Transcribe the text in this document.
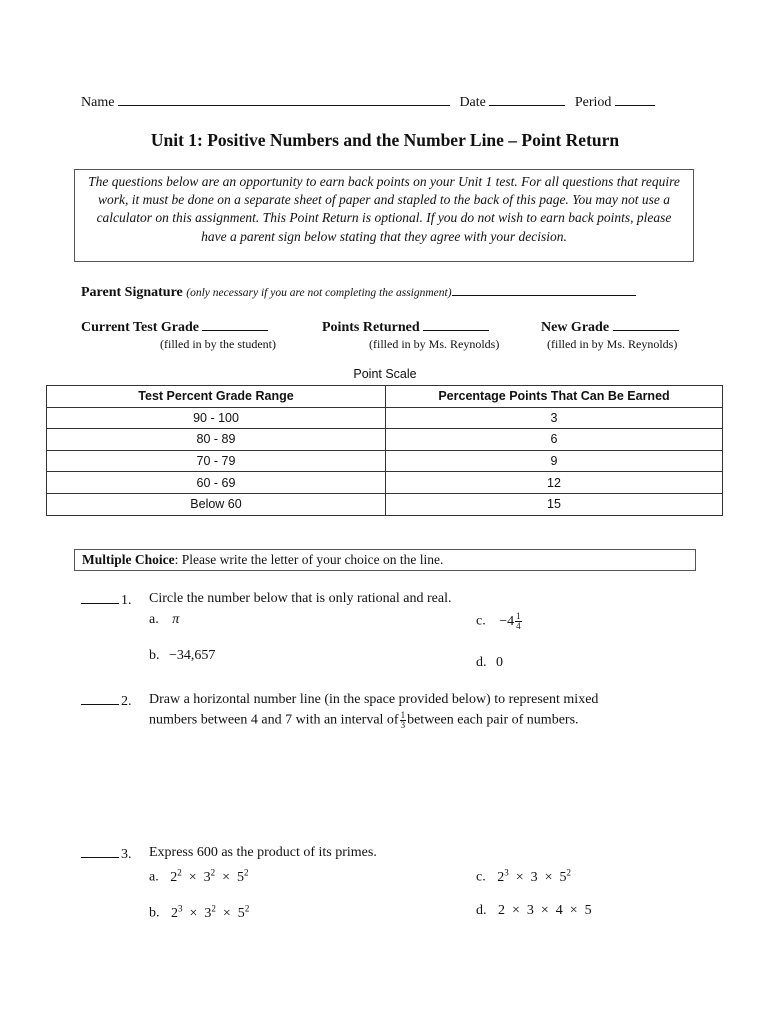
Name	Date	Period
Unit 1: Positive Numbers and the Number Line – Point Return
The questions below are an opportunity to earn back points on your Unit 1 test. For all questions that require work, it must be done on a separate sheet of paper and stapled to the back of this page. You may not use a calculator on this assignment. This Point Return is optional. If you do not wish to earn back points, please have a parent sign below stating that they agree with your decision.
Parent Signature (only necessary if you are not completing the assignment)
Current Test Grade
(filled in by the student)
Points Returned
(filled in by Ms. Reynolds)
New Grade
(filled in by Ms. Reynolds)
Point Scale
Test Percent Grade Range	Percentage Points That Can Be Earned
90 - 100	3
80 - 89	6
70 - 79	9
60 - 69	12
Below 60	15
Multiple Choice: Please write the letter of your choice on the line.
1. Circle the number below that is only rational and real.
a. π	c. $-4 \frac{1}{4}$
b. −34,657	d. 0
2. Draw a horizontal number line (in the space provided below) to represent mixed
numbers between 4 and 7 with an interval of $\frac{1}{3}$ between each pair of numbers.
3. Express 600 as the product of its primes.
a. $2^2 \times 3^2 \times 5^2$	c. $2^3 \times 3 \times 5^2$
b. $2^3 \times 3^2 \times 5^2$	d. 2  ×  3  ×  4  ×  5
